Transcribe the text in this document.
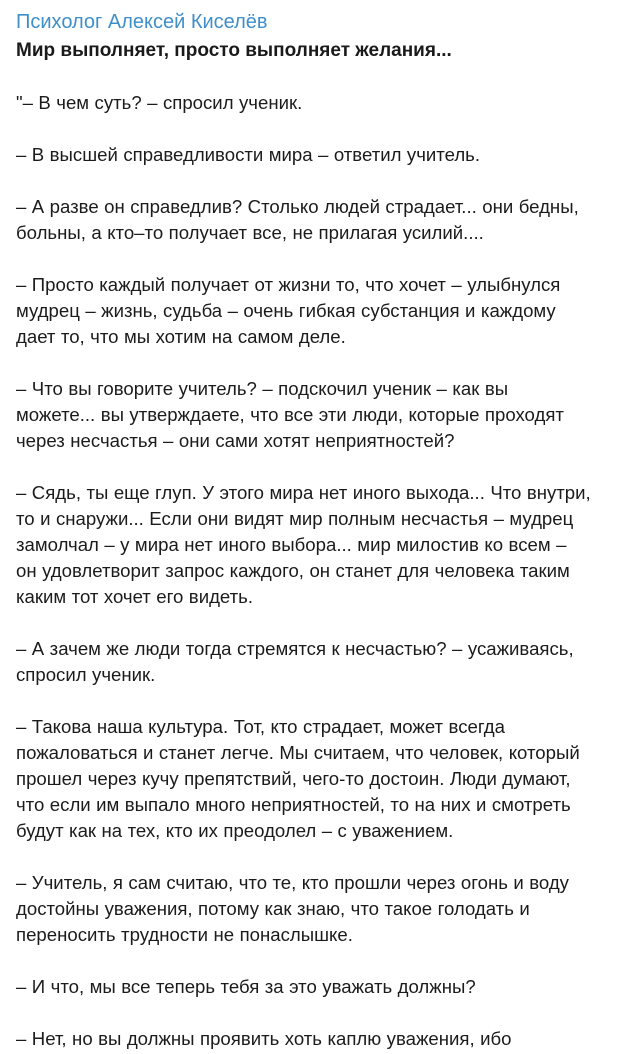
Психолог Алексей Киселёв
Мир выполняет, просто выполняет желания...
"– В чем суть? – спросил ученик.
– В высшей справедливости мира – ответил учитель.
– А разве он справедлив? Столько людей страдает... они бедны,
больны, а кто–то получает все, не прилагая усилий....
– Просто каждый получает от жизни то, что хочет – улыбнулся
мудрец – жизнь, судьба – очень гибкая субстанция и каждому
дает то, что мы хотим на самом деле.
– Что вы говорите учитель? – подскочил ученик – как вы
можете... вы утверждаете, что все эти люди, которые проходят
через несчастья – они сами хотят неприятностей?
– Сядь, ты еще глуп. У этого мира нет иного выхода... Что внутри,
то и снаружи... Если они видят мир полным несчастья – мудрец
замолчал – у мира нет иного выбора... мир милостив ко всем –
он удовлетворит запрос каждого, он станет для человека таким
каким тот хочет его видеть.
– А зачем же люди тогда стремятся к несчастью? – усаживаясь,
спросил ученик.
– Такова наша культура. Тот, кто страдает, может всегда
пожаловаться и станет легче. Мы считаем, что человек, который
прошел через кучу препятствий, чего-то достоин. Люди думают,
что если им выпало много неприятностей, то на них и смотреть
будут как на тех, кто их преодолел – с уважением.
– Учитель, я сам считаю, что те, кто прошли через огонь и воду
достойны уважения, потому как знаю, что такое голодать и
переносить трудности не понаслышке.
– И что, мы все теперь тебя за это уважать должны?
– Нет, но вы должны проявить хоть каплю уважения, ибо
